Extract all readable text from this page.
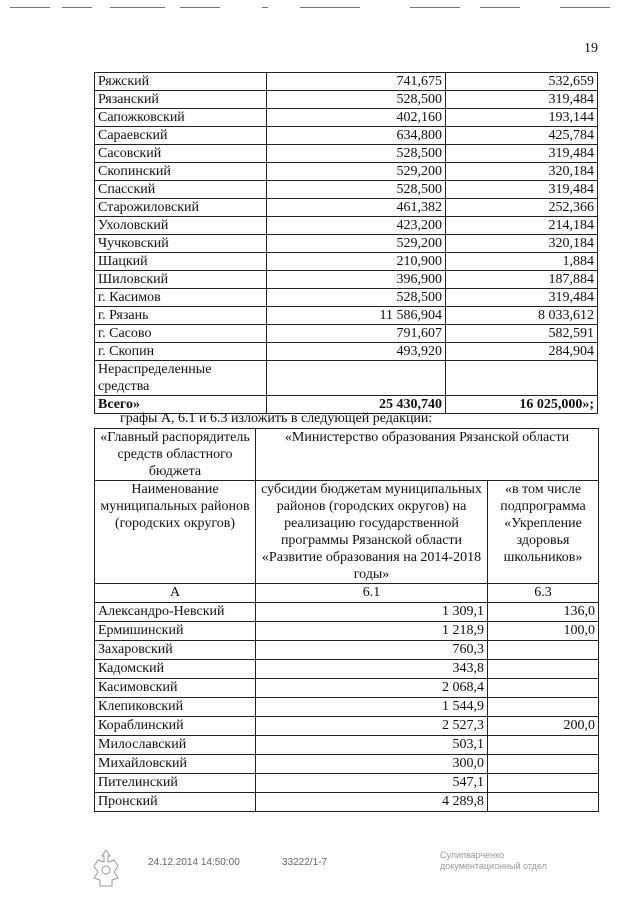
19
Ряжский	741,675	532,659
Рязанский	528,500	319,484
Сапожковский	402,160	193,144
Сараевский	634,800	425,784
Сасовский	528,500	319,484
Скопинский	529,200	320,184
Спасский	528,500	319,484
Старожиловский	461,382	252,366
Ухоловский	423,200	214,184
Чучковский	529,200	320,184
Шацкий	210,900	1,884
Шиловский	396,900	187,884
г. Касимов	528,500	319,484
г. Рязань	11 586,904	8 033,612
г. Сасово	791,607	582,591
г. Скопин	493,920	284,904
Нераспределенные средства		
Всего»	25 430,740	16 025,000»;
графы А, 6.1 и 6.3 изложить в следующей редакции:
«Главный распорядитель средств областного бюджета	«Министерство образования Рязанской области	
Наименование муниципальных районов (городских округов)	субсидии бюджетам муниципальных районов (городских округов) на реализацию государственной программы Рязанской области «Развитие образования на 2014-2018 годы»	«в том числе подпрограмма «Укрепление здоровья школьников»
А	6.1	6.3
Александро-Невский	1 309,1	136,0
Ермишинский	1 218,9	100,0
Захаровский	760,3	
Кадомский	343,8	
Касимовский	2 068,4	
Клепиковский	1 544,9	
Кораблинский	2 527,3	200,0
Милославский	503,1	
Михайловский	300,0	
Пителинский	547,1	
Пронский	4 289,8	
24.12.2014 14:50:00	33222/1-7
Сулипварченко документационный отдел
